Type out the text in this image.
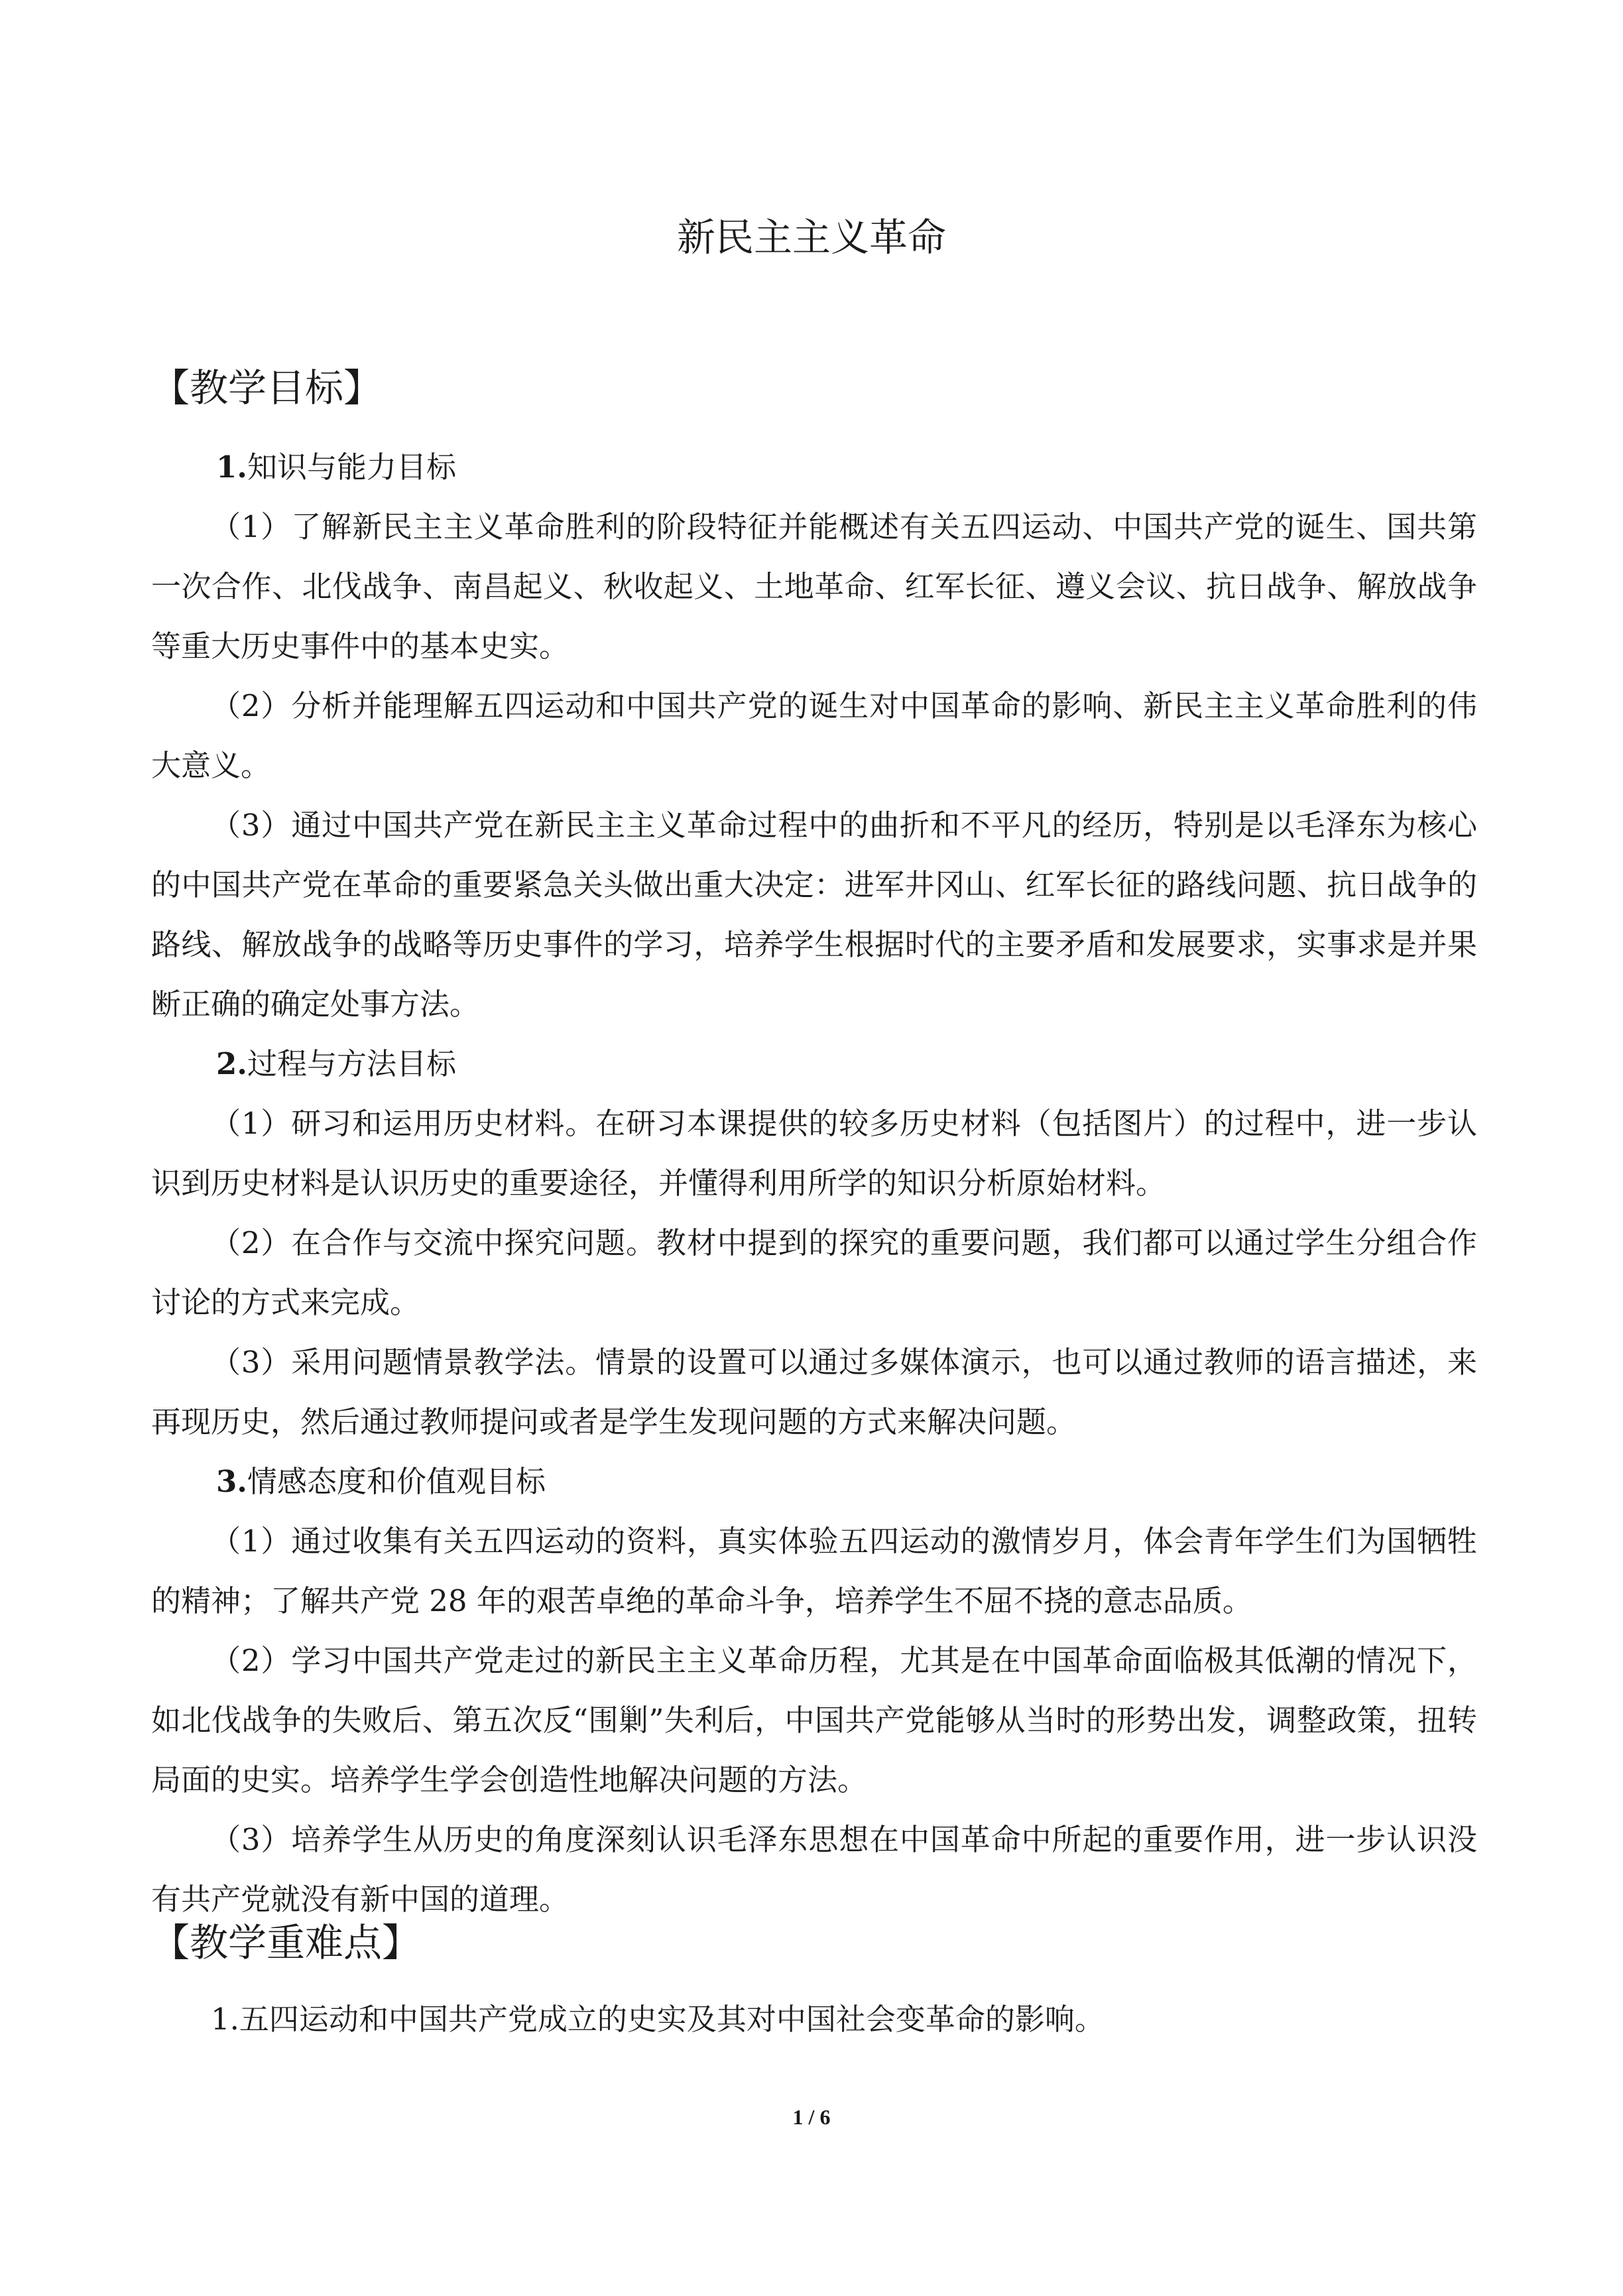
新民主主义革命
【教学目标】

1.知识与能力目标

（1）了解新民主主义革命胜利的阶段特征并能概述有关五四运动、中国共产党的诞生、国共第一次合作、北伐战争、南昌起义、秋收起义、土地革命、红军长征、遵义会议、抗日战争、解放战争等重大历史事件中的基本史实。

（2）分析并能理解五四运动和中国共产党的诞生对中国革命的影响、新民主主义革命胜利的伟大意义。

（3）通过中国共产党在新民主主义革命过程中的曲折和不平凡的经历，特别是以毛泽东为核心的中国共产党在革命的重要紧急关头做出重大决定：进军井冈山、红军长征的路线问题、抗日战争的路线、解放战争的战略等历史事件的学习，培养学生根据时代的主要矛盾和发展要求，实事求是并果断正确的确定处事方法。

2.过程与方法目标

（1）研习和运用历史材料。在研习本课提供的较多历史材料（包括图片）的过程中，进一步认识到历史材料是认识历史的重要途径，并懂得利用所学的知识分析原始材料。

（2）在合作与交流中探究问题。教材中提到的探究的重要问题，我们都可以通过学生分组合作讨论的方式来完成。

（3）采用问题情景教学法。情景的设置可以通过多媒体演示，也可以通过教师的语言描述，来再现历史，然后通过教师提问或者是学生发现问题的方式来解决问题。

3.情感态度和价值观目标

（1）通过收集有关五四运动的资料，真实体验五四运动的激情岁月，体会青年学生们为国牺牲的精神；了解共产党 28 年的艰苦卓绝的革命斗争，培养学生不屈不挠的意志品质。

（2）学习中国共产党走过的新民主主义革命历程，尤其是在中国革命面临极其低潮的情况下，如北伐战争的失败后、第五次反“围剿”失利后，中国共产党能够从当时的形势出发，调整政策，扭转局面的史实。培养学生学会创造性地解决问题的方法。

（3）培养学生从历史的角度深刻认识毛泽东思想在中国革命中所起的重要作用，进一步认识没有共产党就没有新中国的道理。

【教学重难点】

1.五四运动和中国共产党成立的史实及其对中国社会变革命的影响。

1 / 6
